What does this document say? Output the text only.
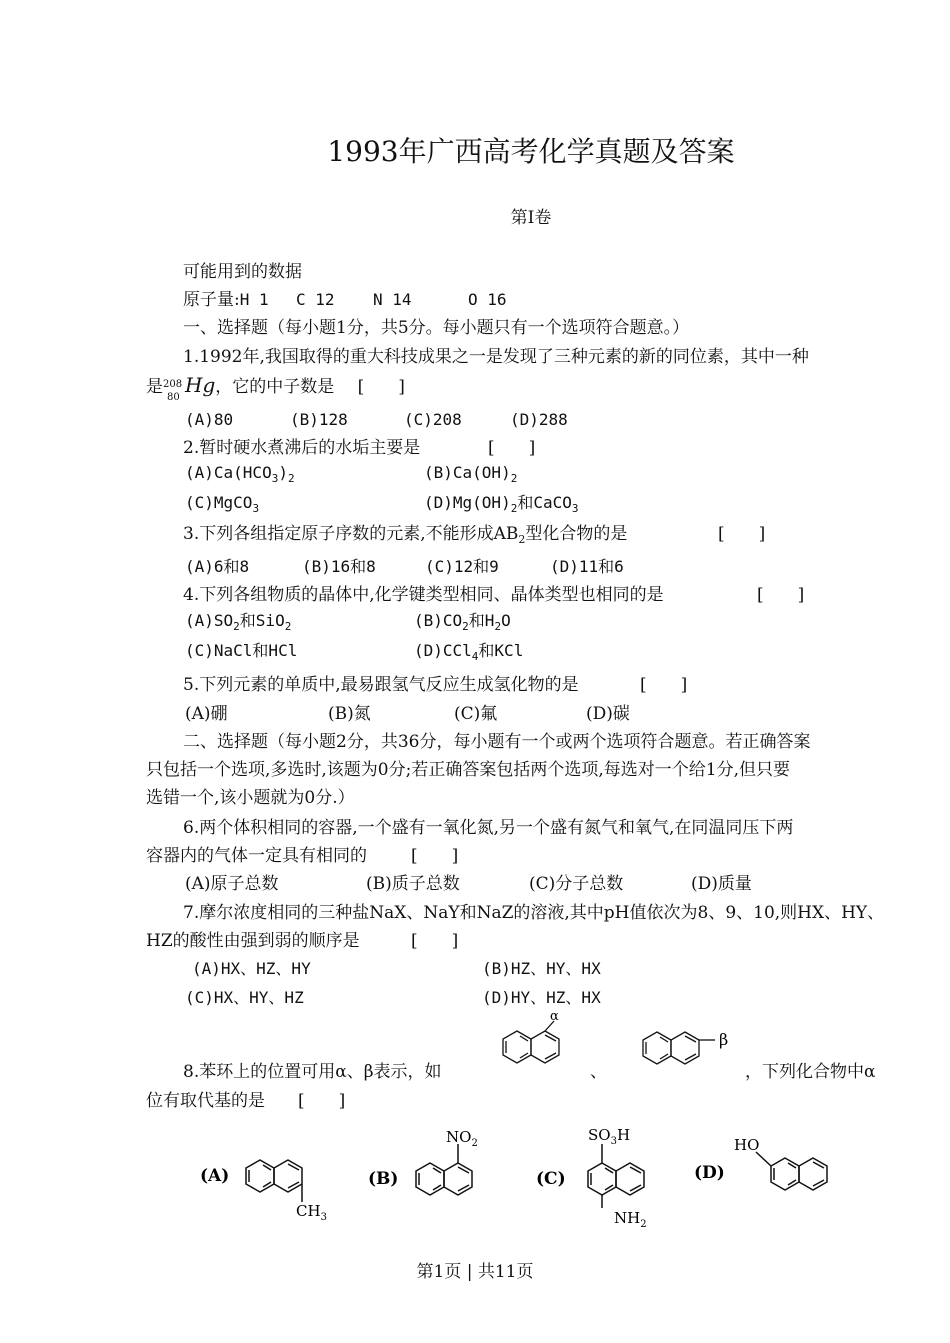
1993年广西高考化学真题及答案
第Ⅰ卷
可能用到的数据
原子量:H 1 C 12 N 14	O 16
一、选择题（每小题1分，共5分。每小题只有一个选项符合题意。）
1.1992年,我国取得的重大科技成果之一是发现了三种元素的新的同位素，其中一种
是 208
80
Hg，它的中子数是 [　　]
(A)80	(B)128	(C)208	(D)288
2.暂时硬水煮沸后的水垢主要是	[　　]
$(A)Ca(HCO_3)_2$	$(B)Ca(OH)_2$
(C)MgCO$_3$	$(D)Mg(OH)_2$和CaCO$_3$
3.下列各组指定原子序数的元素,不能形成$AB_2$型化合物的是	[　　]
(A)6和8	(B)16和8	(C)12和9	(D)11和6
4.下列各组物质的晶体中,化学键类型相同、晶体类型也相同的是	[　　]
$(A)SO_2$和SiO$_2$	$(B)CO_2$和$H_2O$
(C)NaCl和HCl	(D)CCl$_4$和KCl
5.下列元素的单质中,最易跟氢气反应生成氢化物的是	[　　]
(A)硼	(B)氮	(C)氟	(D)碳
二、选择题（每小题2分，共36分，每小题有一个或两个选项符合题意。若正确答案
只包括一个选项,多选时,该题为0分;若正确答案包括两个选项,每选对一个给1分,但只要
选错一个,该小题就为0分.）
6.两个体积相同的容器,一个盛有一氧化氮,另一个盛有氮气和氧气,在同温同压下两
容器内的气体一定具有相同的	[　　]
(A)原子总数	(B)质子总数	(C)分子总数	(D)质量
7.摩尔浓度相同的三种盐NaX、NaY和NaZ的溶液,其中pH值依次为8、9、10,则HX、HY、
HZ的酸性由强到弱的顺序是	[　　]
(A)HX、HZ、HY	(B)HZ、HY、HX
(C)HX、HY、HZ	(D)HY、HZ、HX
8.苯环上的位置可用α、β表示，如	、	，下列化合物中α
位有取代基的是 [　　]
α
β
(A)	(B)	(C)	(D)
$CH_3$
$NO_2$	$SO_3H$
$NH_2$
HO
第1页 | 共11页
